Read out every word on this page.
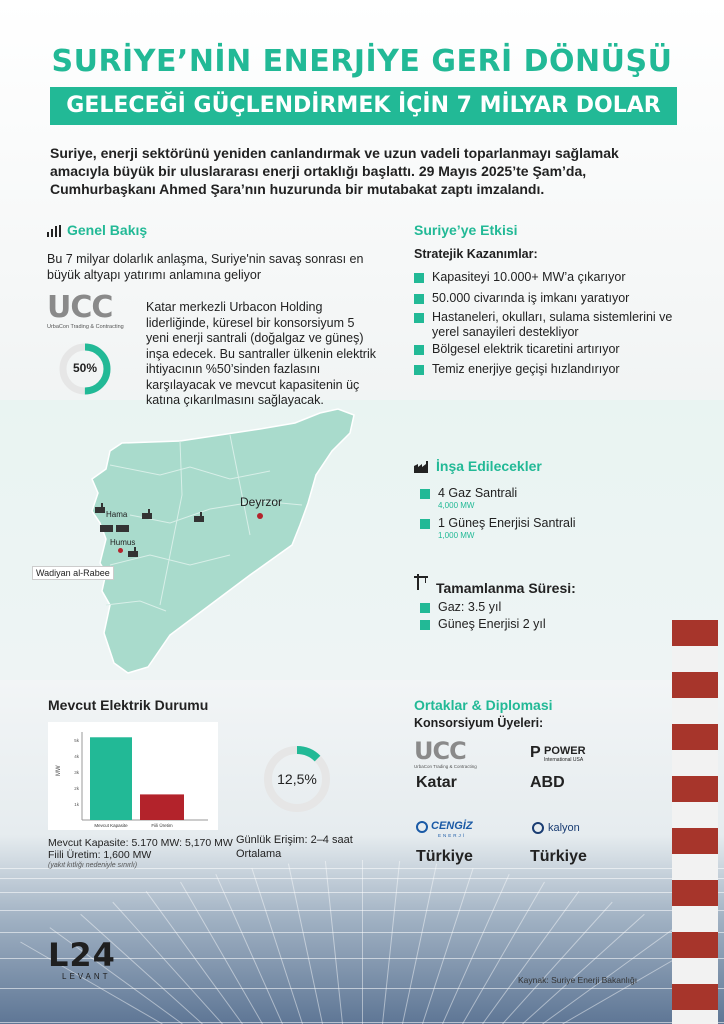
SURİYE’NİN ENERJİYE GERİ DÖNÜŞÜ
GELECEĞİ GÜÇLENDİRMEK İÇİN 7 MİLYAR DOLAR
Suriye, enerji sektörünü yeniden canlandırmak ve uzun vadeli toparlanmayı sağlamak amacıyla büyük bir uluslararası enerji ortaklığı başlattı. 29 Mayıs 2025’te Şam’da, Cumhurbaşkanı Ahmed Şara’nın huzurunda bir mutabakat zaptı imzalandı.
Genel Bakış
Bu 7 milyar dolarlık anlaşma, Suriye'nin savaş sonrası en büyük altyapı yatırımı anlamına geliyor
UCC
UrbaCon Trading & Contracting
50%
Katar merkezli Urbacon Holding liderliğinde, küresel bir konsorsiyum 5 yeni enerji santrali (doğalgaz ve güneş) inşa edecek. Bu santraller ülkenin elektrik ihtiyacının %50’sinden fazlasını karşılayacak ve mevcut kapasitenin üç katına çıkarılmasını sağlayacak.
Suriye’ye Etkisi
Stratejik Kazanımlar:
Kapasiteyi 10.000+ MW’a çıkarıyor
50.000 civarında iş imkanı yaratıyor
Hastaneleri, okulları, sulama sistemlerini ve yerel sanayileri destekliyor
Bölgesel elektrik ticaretini artırıyor
Temiz enerjiye geçişi hızlandırıyor
Deyrzor
Hama
Humus
Wadiyan al-Rabee
İnşa Edilecekler
4 Gaz Santrali
4,000 MW
1 Güneş Enerjisi Santrali
1,000 MW
Tamamlanma Süresi:
Gaz: 3.5 yıl
Güneş Enerjisi 2 yıl
Mevcut Elektrik Durumu
1k
2k
3k
4k
5k
MW
Mevcut Kapasite	Fiili Üretim
Mevcut Kapasite: 5.170 MW: 5,170 MW
Fiili Üretim: 1,600 MW
(yakıt kıtlığı nedeniyle sınırlı)
12,5%
Günlük Erişim: 2–4 saat Ortalama
Ortaklar & Diplomasi
Konsorsiyum Üyeleri:
UCC
UrbaCon Trading & Contracting
Katar
P POWER
International USA
ABD
CENGİZ
ENERJİ
Türkiye
kalyon
Türkiye
L24
LEVANT	Kaynak: Suriye Enerji Bakanlığı
